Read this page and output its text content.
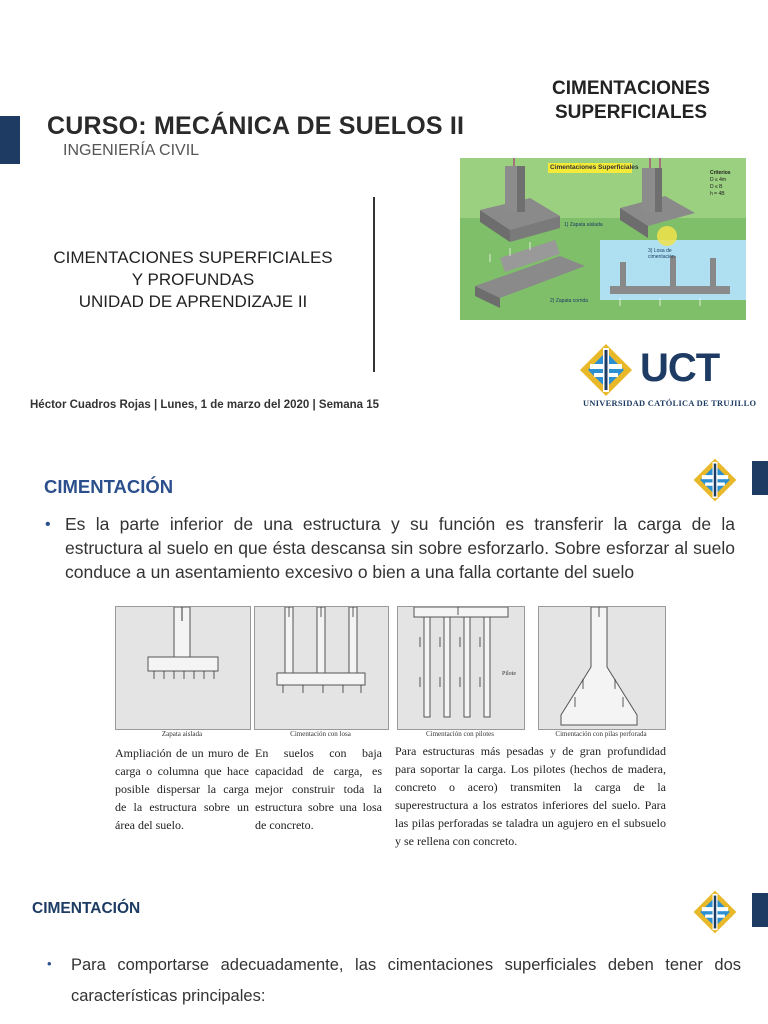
CURSO: MECÁNICA DE SUELOS II
INGENIERÍA CIVIL
CIMENTACIONES
SUPERFICIALES
Cimentaciones Superficiales
Criterios
D ≤ 4m
D ≤ B
h = 4B
1) Zapata aislada
2) Zapata corrida
3) Losa de
cimentación
CIMENTACIONES SUPERFICIALES
Y PROFUNDAS
UNIDAD DE APRENDIZAJE II
UCT
UNIVERSIDAD CATÓLICA DE TRUJILLO
Héctor Cuadros Rojas | Lunes, 1 de marzo del 2020 | Semana 15
CIMENTACIÓN
• Es la parte inferior de una estructura y su función es transferir la carga de la estructura al suelo en que ésta descansa sin sobre esforzarlo. Sobre esforzar al suelo conduce a un asentamiento excesivo o bien a una falla cortante del suelo
Pilote
Zapata aislada	Cimentación con losa	Cimentación con pilotes	Cimentación con pilas perforada
Ampliación de un muro de carga o columna que hace posible dispersar la carga de la estructura sobre un área del suelo.
En suelos con baja capacidad de carga, es mejor construir toda la estructura sobre una losa de concreto.
Para estructuras más pesadas y de gran profundidad para soportar la carga. Los pilotes (hechos de madera, concreto o acero) transmiten la carga de la superestructura a los estratos inferiores del suelo. Para las pilas perforadas se taladra un agujero en el subsuelo y se rellena con concreto.
CIMENTACIÓN
• Para comportarse adecuadamente, las cimentaciones superficiales deben tener dos características principales:
